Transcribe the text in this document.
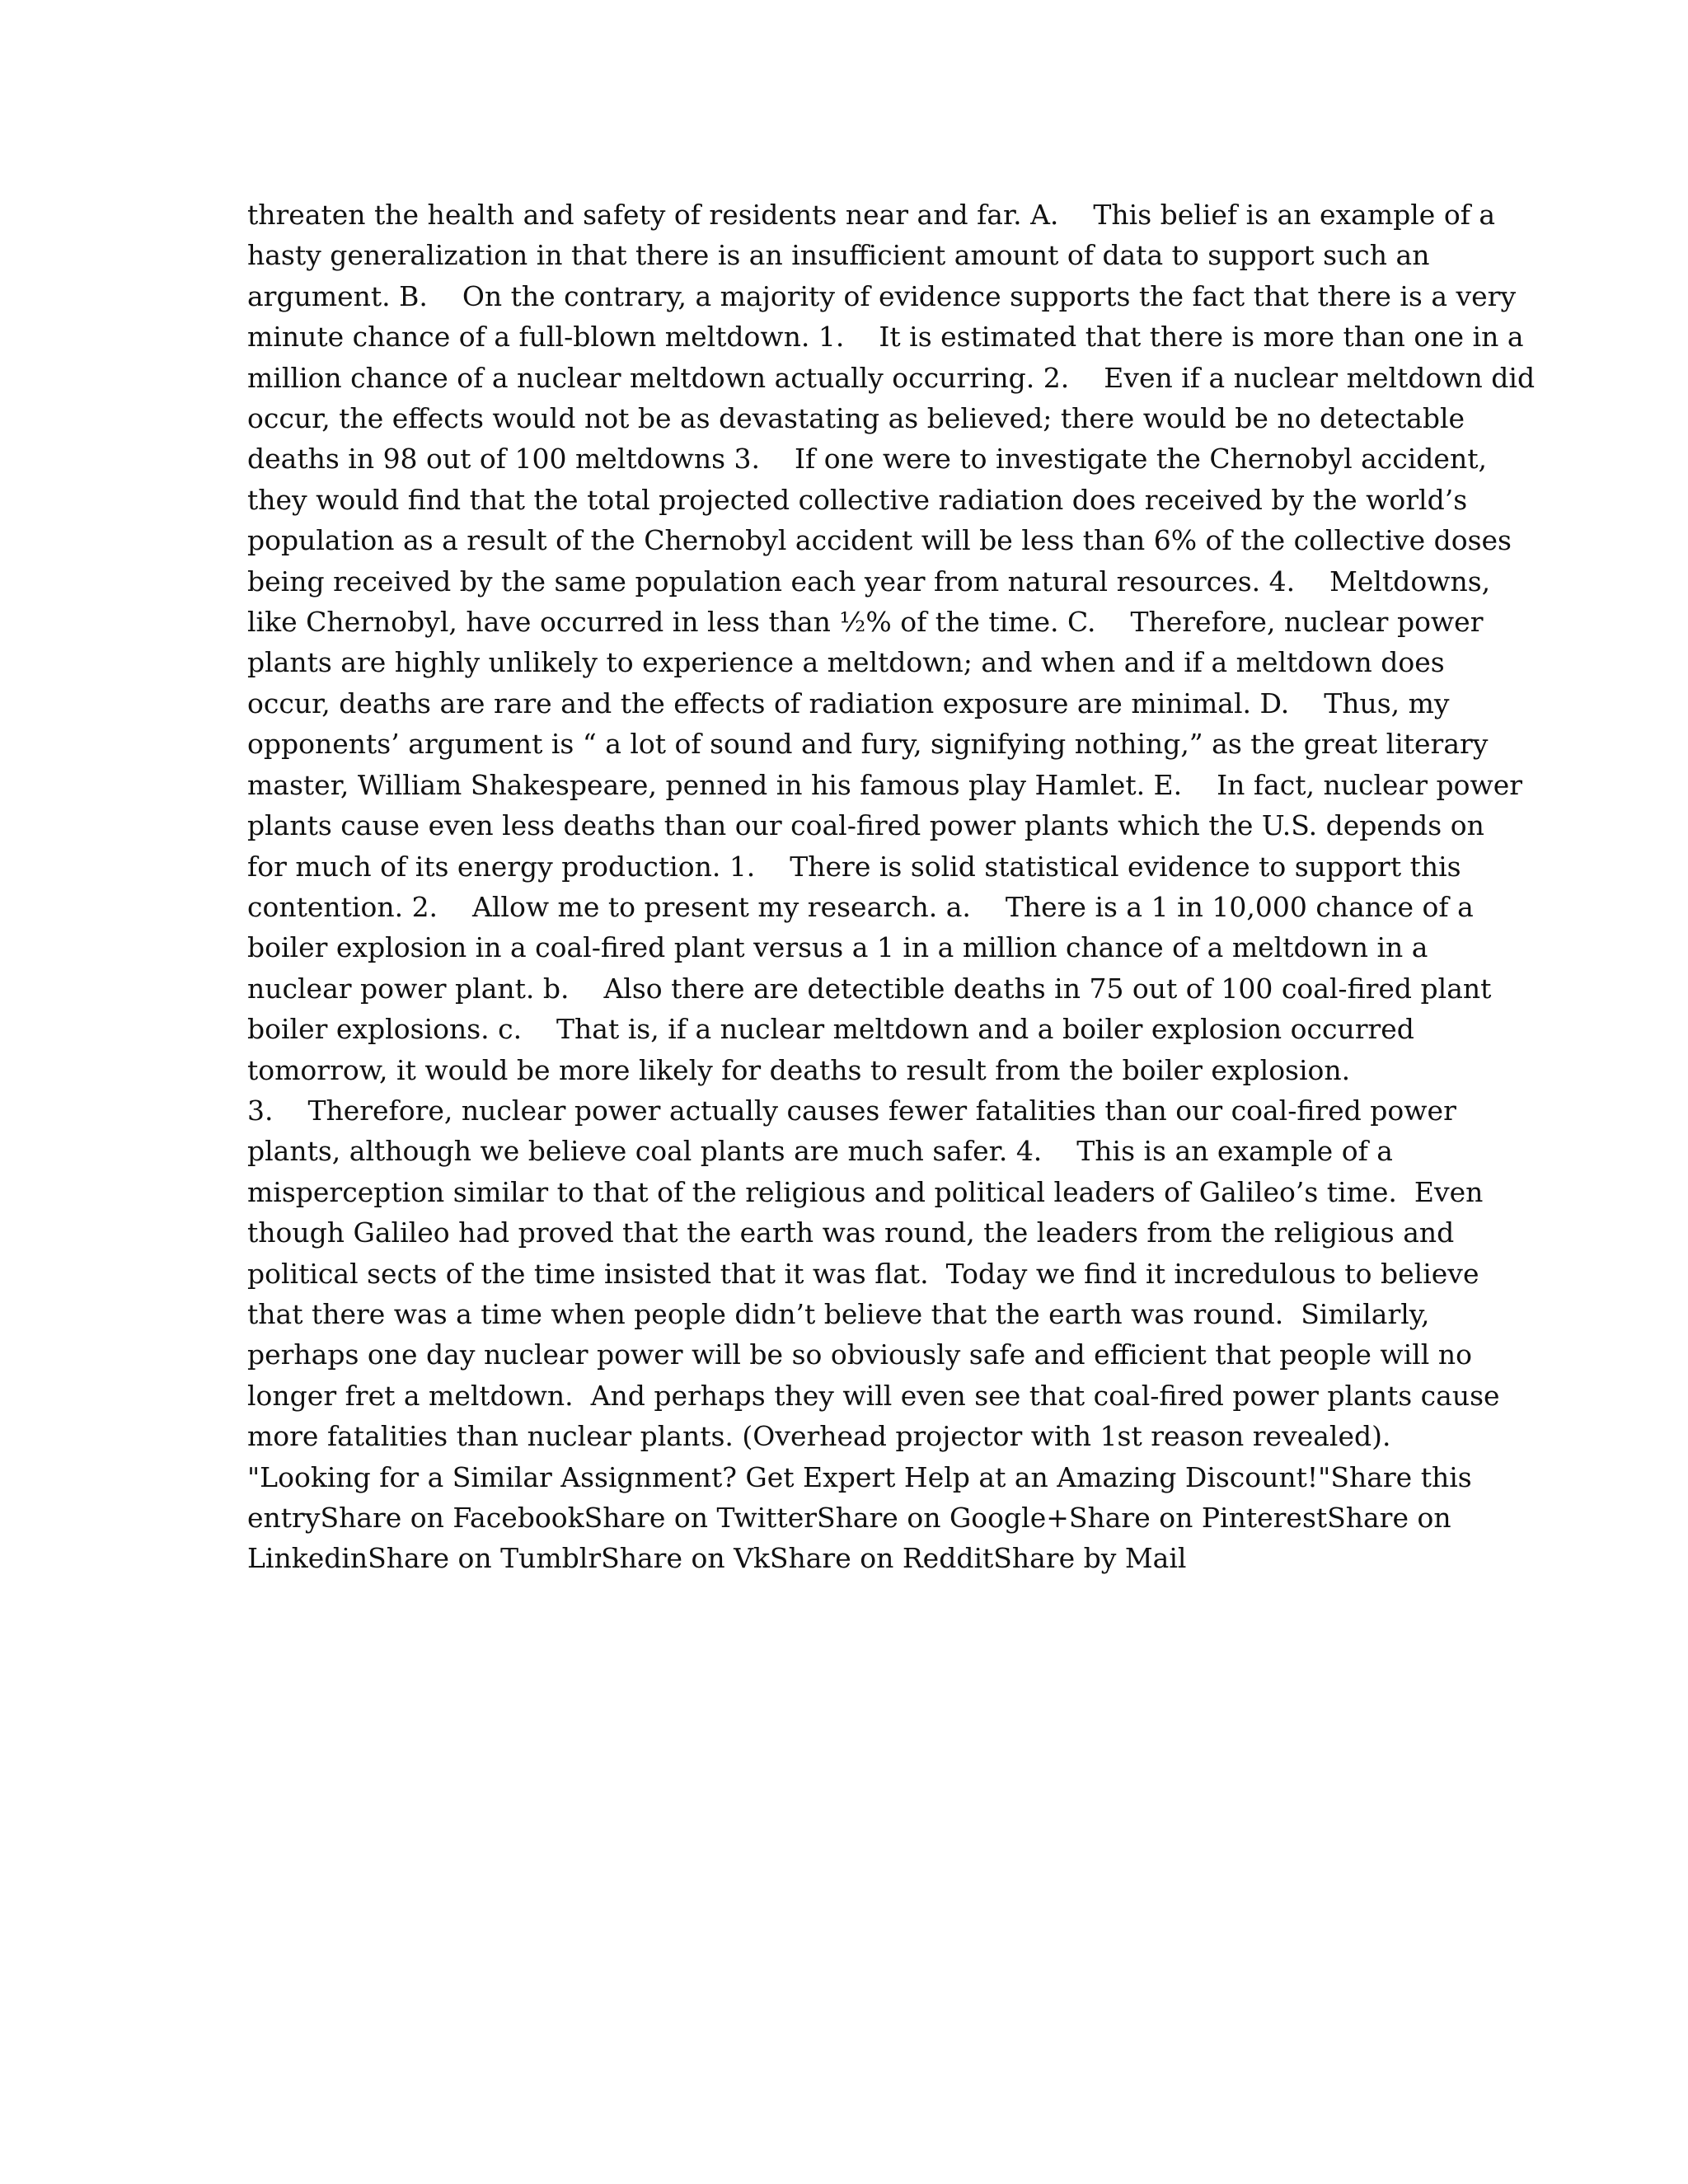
threaten the health and safety of residents near and far. A.    This belief is an example of a
hasty generalization in that there is an insufficient amount of data to support such an
argument. B.    On the contrary, a majority of evidence supports the fact that there is a very
minute chance of a full-blown meltdown. 1.    It is estimated that there is more than one in a
million chance of a nuclear meltdown actually occurring. 2.    Even if a nuclear meltdown did
occur, the effects would not be as devastating as believed; there would be no detectable
deaths in 98 out of 100 meltdowns 3.    If one were to investigate the Chernobyl accident,
they would find that the total projected collective radiation does received by the world’s
population as a result of the Chernobyl accident will be less than 6% of the collective doses
being received by the same population each year from natural resources. 4.    Meltdowns,
like Chernobyl, have occurred in less than ½% of the time. C.    Therefore, nuclear power
plants are highly unlikely to experience a meltdown; and when and if a meltdown does
occur, deaths are rare and the effects of radiation exposure are minimal. D.    Thus, my
opponents’ argument is “ a lot of sound and fury, signifying nothing,” as the great literary
master, William Shakespeare, penned in his famous play Hamlet. E.    In fact, nuclear power
plants cause even less deaths than our coal-fired power plants which the U.S. depends on
for much of its energy production. 1.    There is solid statistical evidence to support this
contention. 2.    Allow me to present my research. a.    There is a 1 in 10,000 chance of a
boiler explosion in a coal-fired plant versus a 1 in a million chance of a meltdown in a
nuclear power plant. b.    Also there are detectible deaths in 75 out of 100 coal-fired plant
boiler explosions. c.    That is, if a nuclear meltdown and a boiler explosion occurred
tomorrow, it would be more likely for deaths to result from the boiler explosion.
3.    Therefore, nuclear power actually causes fewer fatalities than our coal-fired power
plants, although we believe coal plants are much safer. 4.    This is an example of a
misperception similar to that of the religious and political leaders of Galileo’s time.  Even
though Galileo had proved that the earth was round, the leaders from the religious and
political sects of the time insisted that it was flat.  Today we find it incredulous to believe
that there was a time when people didn’t believe that the earth was round.  Similarly,
perhaps one day nuclear power will be so obviously safe and efficient that people will no
longer fret a meltdown.  And perhaps they will even see that coal-fired power plants cause
more fatalities than nuclear plants. (Overhead projector with 1st reason revealed).
"Looking for a Similar Assignment? Get Expert Help at an Amazing Discount!"Share this
entryShare on FacebookShare on TwitterShare on Google+Share on PinterestShare on
LinkedinShare on TumblrShare on VkShare on RedditShare by Mail
